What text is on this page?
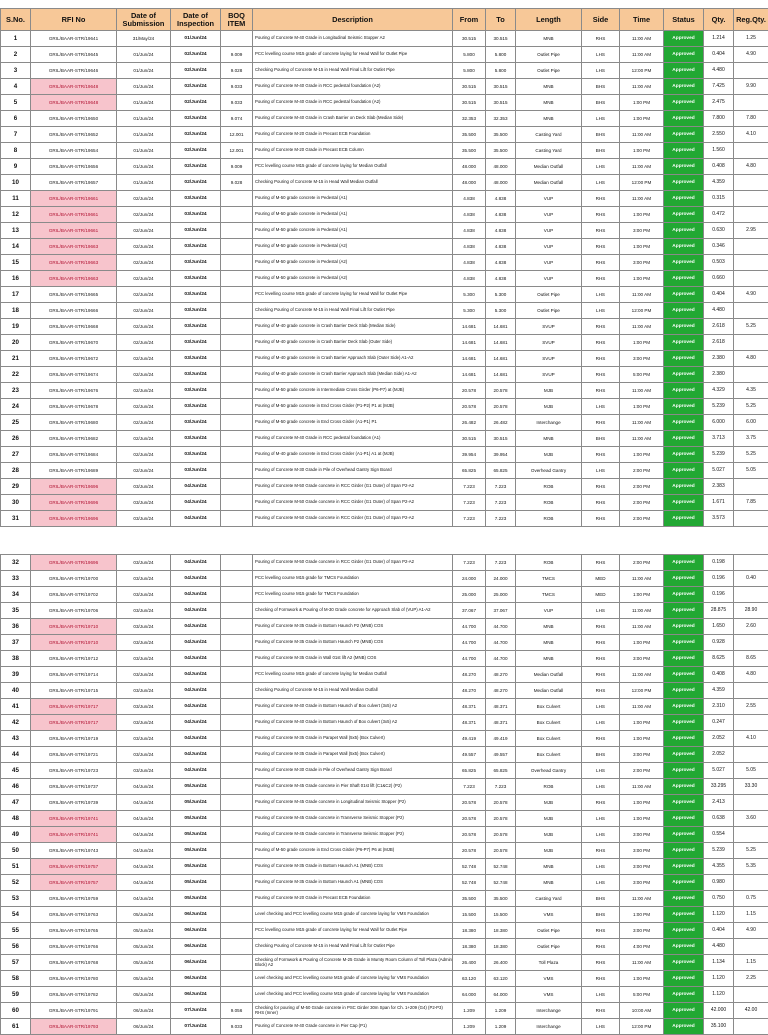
S.No.	RFI No	Date of Submission	Date of Inspection	BOQ ITEM	Description	From	To	Length	Side	Time	Status	Qty.	Reg.Qty.
1	GRIL/BAAR-STR/19641	31/May/24	01/Jun/24		Pouring of Concrete M-40 Grade in Longitudinal Seismic Stopper A2	30.515	30.515	MNB	RHS	11:00 AM	Approved	1.214	1.25
2	GRIL/BAAR-STR/19645	01/Jun/24	02/Jun/24	9.009	PCC levelling course M15 grade of concrete laying for Head Wall for Outlet Pipe	5.800	5.800	Outlet Pipe	LHS	11:00 AM	Approved	0.404	4.90
3	GRIL/BAAR-STR/19646	01/Jun/24	02/Jun/24	9.028	Checking Pouring of Concrete M-15 in Head Wall Final Lift for Outlet Pipe	5.800	5.800	Outlet Pipe	LHS	12:00 PM	Approved	4.480	
4	GRIL/BAAR-STR/19648	01/Jun/24	02/Jun/24	9.033	Pouring of Concrete M-40 Grade in RCC pedestal foundation (A2)	30.515	30.515	MNB	BHS	11:00 AM	Approved	7.425	9.90
5	GRIL/BAAR-STR/19648	01/Jun/24	02/Jun/24	9.033	Pouring of Concrete M-40 Grade in RCC pedestal foundation (A2)	30.515	30.515	MNB	BHS	1:00 PM	Approved	2.475	
6	GRIL/BAAR-STR/19650	01/Jun/24	02/Jun/24	9.074	Pouring of Concrete M-40 Grade in Crash Barrier on Deck Slab (Median Side)	32.353	32.353	MNB	LHS	1:00 PM	Approved	7.800	7.80
7	GRIL/BAAR-STR/19652	01/Jun/24	02/Jun/24	12.001	Pouring of Concrete M-20 Grade in Precast ECB Foundation	35.500	35.500	Casting Yard	BHS	11:00 AM	Approved	2.550	4.10
8	GRIL/BAAR-STR/19654	01/Jun/24	02/Jun/24	12.001	Pouring of Concrete M-20 Grade in Precast ECB Column	35.500	35.500	Casting Yard	BHS	1:00 PM	Approved	1.560	
9	GRIL/BAAR-STR/19656	01/Jun/24	02/Jun/24	9.009	PCC levelling course M15 grade of concrete laying for Median Outfall	48.000	48.000	Median Outfall	LHS	11:00 AM	Approved	0.408	4.80
10	GRIL/BAAR-STR/19657	01/Jun/24	02/Jun/24	9.028	Checking Pouring of Concrete M-15 in Head Wall Median Outfall	48.000	48.000	Median Outfall	LHS	12:00 PM	Approved	4.359	
11	GRIL/BAAR-STR/19661	02/Jun/24	03/Jun/24		Pouring of M-50 grade concrete in Pedestal (A1)	4.838	4.838	VUP	RHS	11:00 AM	Approved	0.315	
12	GRIL/BAAR-STR/19661	02/Jun/24	03/Jun/24		Pouring of M-50 grade concrete in Pedestal (A1)	4.838	4.838	VUP	RHS	1:00 PM	Approved	0.472	
13	GRIL/BAAR-STR/19661	02/Jun/24	03/Jun/24		Pouring of M-50 grade concrete in Pedestal (A1)	4.838	4.838	VUP	RHS	3:00 PM	Approved	0.630	2.95
14	GRIL/BAAR-STR/19663	02/Jun/24	03/Jun/24		Pouring of M-50 grade concrete in Pedestal (A2)	4.838	4.838	VUP	RHS	1:00 PM	Approved	0.346	
15	GRIL/BAAR-STR/19663	02/Jun/24	03/Jun/24		Pouring of M-50 grade concrete in Pedestal (A2)	4.838	4.838	VUP	RHS	3:00 PM	Approved	0.503	
16	GRIL/BAAR-STR/19663	02/Jun/24	03/Jun/24		Pouring of M-50 grade concrete in Pedestal (A2)	4.838	4.838	VUP	RHS	1:00 PM	Approved	0.660	
17	GRIL/BAAR-STR/19665	02/Jun/24	03/Jun/24		PCC levelling course M15 grade of concrete laying for Head Wall for Outlet Pipe	5.300	5.300	Outlet Pipe	LHS	11:00 AM	Approved	0.404	4.90
18	GRIL/BAAR-STR/19666	02/Jun/24	03/Jun/24		Checking Pouring of Concrete M-15 in Head Wall Final Lift for Outlet Pipe	5.300	5.300	Outlet Pipe	LHS	12:00 PM	Approved	4.480	
19	GRIL/BAAR-STR/19668	02/Jun/24	03/Jun/24		Pouring of M-40 grade concrete in Crash Barrier Deck Slab (Median Side)	14.681	14.681	SVUP	RHS	11:00 AM	Approved	2.618	5.25
20	GRIL/BAAR-STR/19670	02/Jun/24	03/Jun/24		Pouring of M-40 grade concrete in Crash Barrier Deck Slab (Outer Side)	14.681	14.681	SVUP	RHS	1:00 PM	Approved	2.618	
21	GRIL/BAAR-STR/19672	02/Jun/24	03/Jun/24		Pouring of M-40 grade concrete in Crash Barrier Approach Slab (Outer Side) A1-A2	14.681	14.681	SVUP	RHS	3:00 PM	Approved	2.380	4.80
22	GRIL/BAAR-STR/19674	02/Jun/24	03/Jun/24		Pouring of M-40 grade concrete in Crash Barrier Approach Slab (Median Side) A1-A2	14.681	14.681	SVUP	RHS	5:00 PM	Approved	2.380	
23	GRIL/BAAR-STR/19676	02/Jun/24	03/Jun/24		Pouring of M-50 grade concrete in Intermediate Cross Girder (P6-P7) at (MJB)	20.578	20.578	MJB	RHS	11:00 AM	Approved	4.329	4.35
24	GRIL/BAAR-STR/19678	02/Jun/24	03/Jun/24		Pouring of M-50 grade concrete in End Cross Girder (P1-P2) P1 at (MJB)	20.578	20.578	MJB	LHS	1:00 PM	Approved	5.239	5.25
25	GRIL/BAAR-STR/19680	02/Jun/24	03/Jun/24		Pouring of M-50 grade concrete in End Cross Girder (A1-P1) P1	26.482	26.482	Interchange	RHS	11:00 AM	Approved	6.000	6.00
26	GRIL/BAAR-STR/19682	02/Jun/24	03/Jun/24		Pouring of Concrete M-40 Grade in RCC pedestal foundation (A1)	30.515	30.515	MNB	BHS	11:00 AM	Approved	3.713	3.75
27	GRIL/BAAR-STR/19684	02/Jun/24	03/Jun/24		Pouring of M-40 grade concrete in End Cross Girder (A1-P1) A1 at (MJB)	39.954	39.954	MJB	RHS	1:00 PM	Approved	5.239	5.25
28	GRIL/BAAR-STR/19689	02/Jun/24	03/Jun/24		Pouring of Concrete M-30 Grade in Pile of Overhead Gantry Sign Board	65.825	65.825	Overhead Gantry	LHS	2:00 PM	Approved	5.027	5.05
29	GRIL/BAAR-STR/19696	03/Jun/24	04/Jun/24		Pouring of Concrete M-50 Grade concrete in RCC Girder (G1 Outer) of Span P2-A2	7.223	7.223	ROB	RHS	2:00 PM	Approved	2.383	
30	GRIL/BAAR-STR/19696	03/Jun/24	04/Jun/24		Pouring of Concrete M-50 Grade concrete in RCC Girder (G1 Outer) of Span P2-A2	7.223	7.223	ROB	RHS	2:00 PM	Approved	1.671	7.85
31	GRIL/BAAR-STR/19696	03/Jun/24	04/Jun/24		Pouring of Concrete M-50 Grade concrete in RCC Girder (G1 Outer) of Span P2-A2	7.223	7.223	ROB	RHS	2:00 PM	Approved	3.573	
32	GRIL/BAAR-STR/19696	03/Jun/24	04/Jun/24		Pouring of Concrete M-50 Grade concrete in RCC Girder (G1 Outer) of Span P2-A2	7.223	7.223	ROB	RHS	2:00 PM	Approved	0.198	
33	GRIL/BAAR-STR/19700	03/Jun/24	04/Jun/24		PCC levelling course M15 grade for TMCS Foundation	24.000	24.000	TMCS	MED	11:00 AM	Approved	0.196	0.40
34	GRIL/BAAR-STR/19702	03/Jun/24	04/Jun/24		PCC levelling course M15 grade for TMCS Foundation	25.000	25.000	TMCS	MED	1:00 PM	Approved	0.196	
35	GRIL/BAAR-STR/19706	03/Jun/24	04/Jun/24		Checking of Formwork & Pouring of M-30 Grade concrete for Approach Slab of (VUP) A1-A2	37.067	37.067	VUP	LHS	11:00 AM	Approved	28.875	28.90
36	GRIL/BAAR-STR/19710	03/Jun/24	04/Jun/24		Pouring of Concrete M-35 Grade in Bottom Haunch P2 (MNB) COS	44.700	44.700	MNB	RHS	11:00 AM	Approved	1.650	2.60
37	GRIL/BAAR-STR/19710	03/Jun/24	04/Jun/24		Pouring of Concrete M-35 Grade in Bottom Haunch P2 (MNB) COS	44.700	44.700	MNB	RHS	1:00 PM	Approved	0.928	
38	GRIL/BAAR-STR/19712	03/Jun/24	04/Jun/24		Pouring of Concrete M-35 Grade in Wall 01st lift A2 (MNB) COS	44.700	44.700	MNB	RHS	3:00 PM	Approved	8.625	8.65
39	GRIL/BAAR-STR/19714	03/Jun/24	04/Jun/24		PCC levelling course M15 grade of concrete laying for Median Outfall	48.270	48.270	Median Outfall	RHS	11:00 AM	Approved	0.408	4.80
40	GRIL/BAAR-STR/19715	03/Jun/24	04/Jun/24		Checking Pouring of Concrete M-15 in Head Wall Median Outfall	48.270	48.270	Median Outfall	RHS	12:00 PM	Approved	4.359	
41	GRIL/BAAR-STR/19717	03/Jun/24	04/Jun/24		Pouring of Concrete M-40 Grade in Bottom Haunch of Box culvert (3x5) A2	48.371	48.371	Box Culvert	LHS	11:00 AM	Approved	2.310	2.55
42	GRIL/BAAR-STR/19717	03/Jun/24	04/Jun/24		Pouring of Concrete M-40 Grade in Bottom Haunch of Box culvert (3x5) A2	48.371	48.371	Box Culvert	LHS	1:00 PM	Approved	0.247	
43	GRIL/BAAR-STR/19719	03/Jun/24	04/Jun/24		Pouring of Concrete M-35 Grade in Parapet Wall (5x5) (Box Culvert)	49.419	49.419	Box Culvert	RHS	1:00 PM	Approved	2.052	4.10
44	GRIL/BAAR-STR/19721	03/Jun/24	04/Jun/24		Pouring of Concrete M-35 Grade in Parapet Wall (5x5) (Box Culvert)	49.557	49.557	Box Culvert	BHS	3:00 PM	Approved	2.052	
45	GRIL/BAAR-STR/19723	03/Jun/24	04/Jun/24		Pouring of Concrete M-30 Grade in Pile of Overhead Gantry Sign Board	65.825	65.825	Overhead Gantry	LHS	2:00 PM	Approved	5.027	5.05
46	GRIL/BAAR-STR/19737	04/Jun/24	05/Jun/24		Pouring of Concrete M-45 Grade concrete in Pier Shaft 01st lift (C1&C2) (P2)	7.223	7.223	ROB	LHS	11:00 AM	Approved	33.295	33.30
47	GRIL/BAAR-STR/19739	04/Jun/24	05/Jun/24		Pouring of Concrete M-45 Grade concrete in Longitudinal Seismic Stopper (P2)	20.578	20.578	MJB	RHS	1:00 PM	Approved	2.413	
48	GRIL/BAAR-STR/19741	04/Jun/24	05/Jun/24		Pouring of Concrete M-45 Grade concrete in Transverse Seismic Stopper (P2)	20.578	20.578	MJB	LHS	1:00 PM	Approved	0.638	3.60
49	GRIL/BAAR-STR/19741	04/Jun/24	05/Jun/24		Pouring of Concrete M-45 Grade concrete in Transverse Seismic Stopper (P2)	20.578	20.578	MJB	LHS	3:00 PM	Approved	0.554	
50	GRIL/BAAR-STR/19743	04/Jun/24	05/Jun/24		Pouring of M-50 grade concrete in End Cross Girder (P6-P7) P6 at (MJB)	20.578	20.578	MJB	RHS	3:00 PM	Approved	5.239	5.25
51	GRIL/BAAR-STR/19757	04/Jun/24	05/Jun/24		Pouring of Concrete M-35 Grade in Bottom Haunch A1 (MNB) COS	52.748	52.748	MNB	LHS	3:00 PM	Approved	4.355	5.35
52	GRIL/BAAR-STR/19757	04/Jun/24	05/Jun/24		Pouring of Concrete M-35 Grade in Bottom Haunch A1 (MNB) COS	52.748	52.748	MNB	LHS	3:00 PM	Approved	0.980	
53	GRIL/BAAR-STR/19759	04/Jun/24	05/Jun/24		Pouring of Concrete M-20 Grade in Precast ECB Foundation	35.500	35.500	Casting Yard	BHS	11:00 AM	Approved	0.750	0.75
54	GRIL/BAAR-STR/19763	05/Jun/24	06/Jun/24		Level checking and PCC levelling course M15 grade of concrete laying for VMS Foundation	15.500	15.500	VMS	BHS	1:00 PM	Approved	1.120	1.15
55	GRIL/BAAR-STR/19765	05/Jun/24	06/Jun/24		PCC levelling course M15 grade of concrete laying for Head Wall for Outlet Pipe	18.380	18.380	Outlet Pipe	RHS	3:00 PM	Approved	0.404	4.90
56	GRIL/BAAR-STR/19766	05/Jun/24	06/Jun/24		Checking Pouring of Concrete M-15 in Head Wall Final Lift for Outlet Pipe	18.380	18.380	Outlet Pipe	RHS	4:00 PM	Approved	4.480	
57	GRIL/BAAR-STR/19768	05/Jun/24	06/Jun/24		Checking of Formwork & Pouring of Concrete M-25 Grade in Mumty Room Column of Toll Plaza (Admin Block) A2	26.400	26.400	Toll Plaza	RHS	11:00 AM	Approved	1.134	1.15
58	GRIL/BAAR-STR/19780	05/Jun/24	06/Jun/24		Level checking and PCC levelling course M15 grade of concrete laying for VMS Foundation	63.120	63.120	VMS	RHS	1:00 PM	Approved	1.120	2.25
59	GRIL/BAAR-STR/19782	05/Jun/24	06/Jun/24		Level checking and PCC levelling course M15 grade of concrete laying for VMS Foundation	64.000	64.000	VMS	LHS	5:00 PM	Approved	1.120	
60	GRIL/BAAR-STR/19791	06/Jun/24	07/Jun/24	9.056	Checking for pouring of M-50 Grade concrete in PSC Girder 30m Span for Ch. 1+209 (G4) (P2-P3) RHS (Inner)	1.209	1.209	Interchange	RHS	10:00 AM	Approved	42.000	42.00
61	GRIL/BAAR-STR/19793	06/Jun/24	07/Jun/24	9.033	Pouring of Concrete M-40 Grade concrete in Pier Cap (P1)	1.209	1.209	Interchange	LHS	12:00 PM	Approved	35.100	
